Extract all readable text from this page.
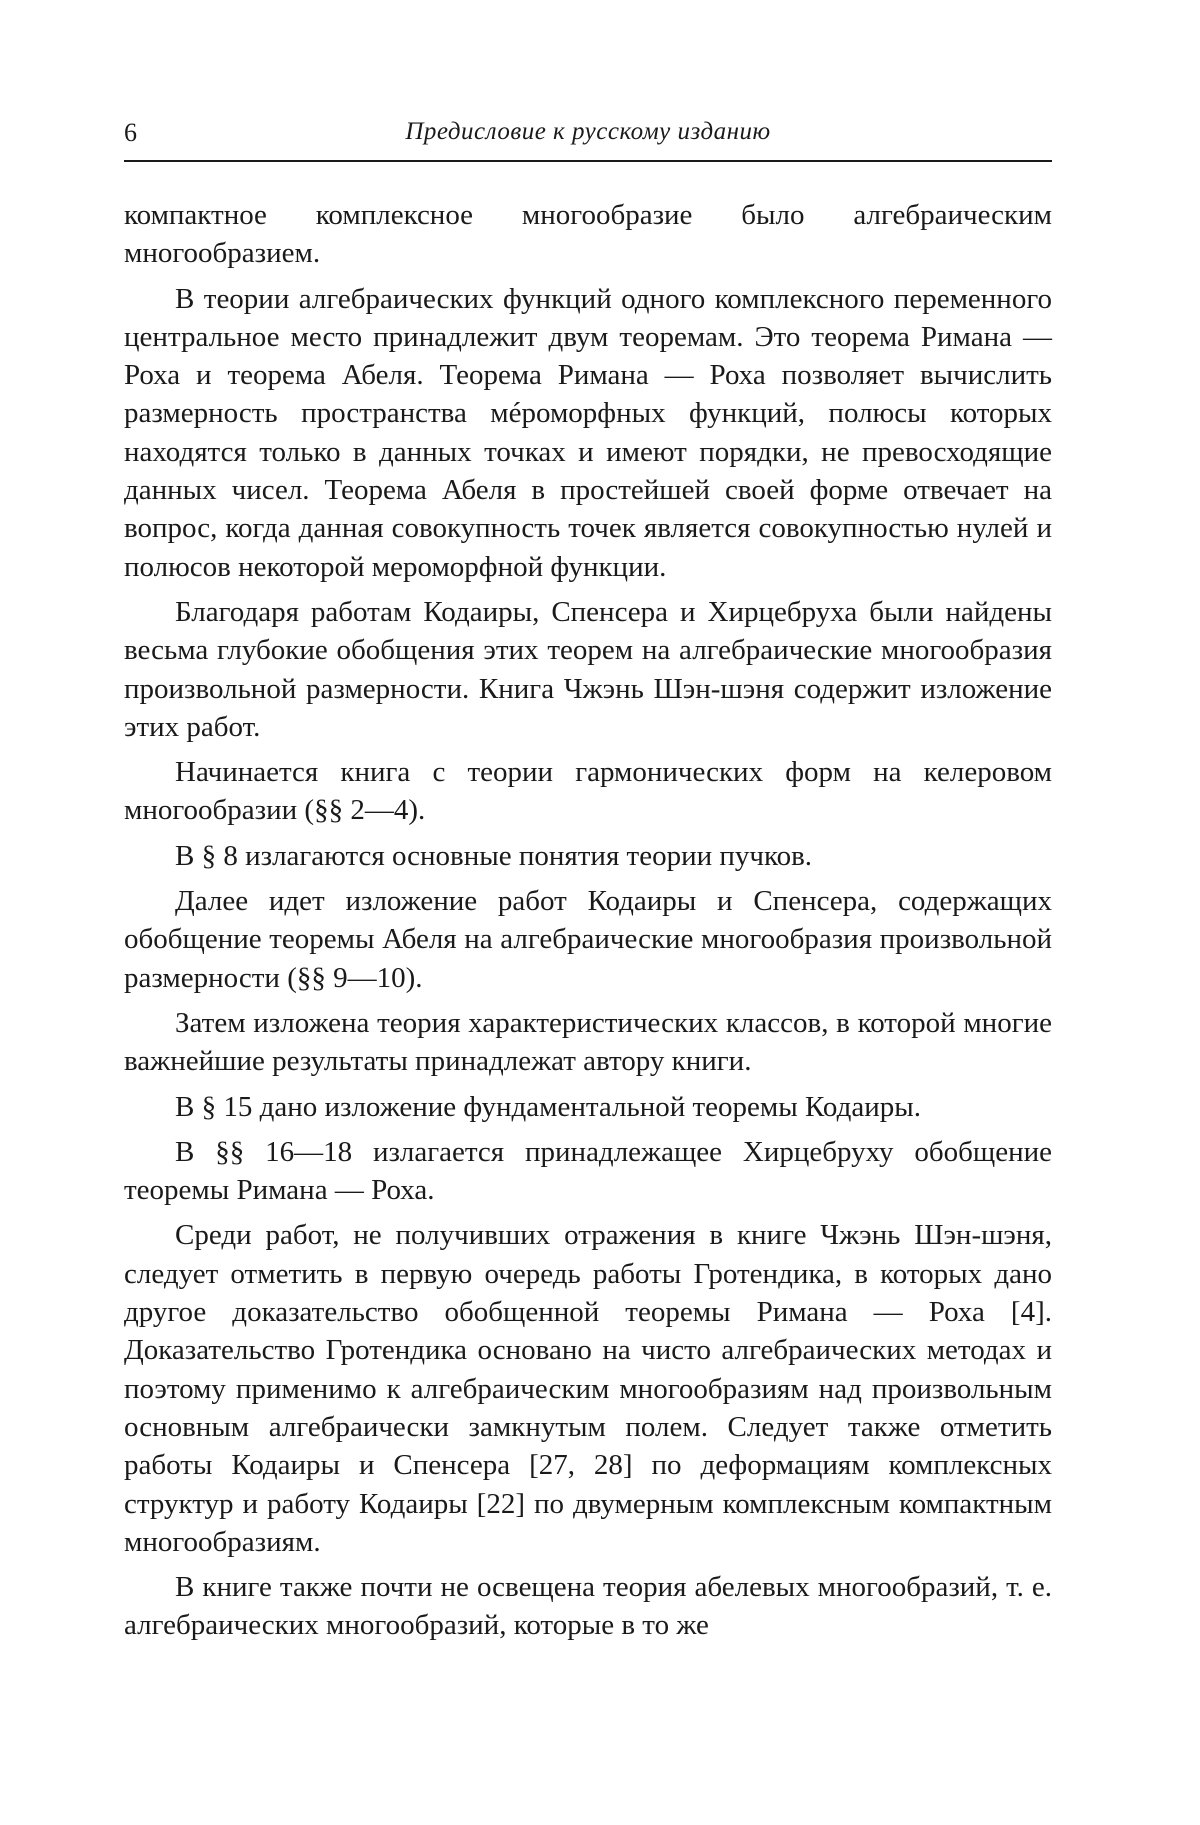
6	Предисловие к русскому изданию

компактное комплексное многообразие было алгебраическим многообразием.

В теории алгебраических функций одного комплексного переменного центральное место принадлежит двум теоремам. Это теорема Римана — Роха и теорема Абеля. Теорема Римана — Роха позволяет вычислить размерность пространства мéроморфных функций, полюсы которых находятся только в данных точках и имеют порядки, не превосходящие данных чисел. Теорема Абеля в простейшей своей форме отвечает на вопрос, когда данная совокупность точек является совокупностью нулей и полюсов некоторой мероморфной функции.

Благодаря работам Кодаиры, Спенсера и Хирцебруха были найдены весьма глубокие обобщения этих теорем на алгебраические многообразия произвольной размерности. Книга Чжэнь Шэн-шэня содержит изложение этих работ.

Начинается книга с теории гармонических форм на келеровом многообразии (§§ 2—4).

В § 8 излагаются основные понятия теории пучков.

Далее идет изложение работ Кодаиры и Спенсера, содержащих обобщение теоремы Абеля на алгебраические многообразия произвольной размерности (§§ 9—10).

Затем изложена теория характеристических классов, в которой многие важнейшие результаты принадлежат автору книги.

В § 15 дано изложение фундаментальной теоремы Кодаиры.

В §§ 16—18 излагается принадлежащее Хирцебруху обобщение теоремы Римана — Роха.

Среди работ, не получивших отражения в книге Чжэнь Шэн-шэня, следует отметить в первую очередь работы Гротендика, в которых дано другое доказательство обобщенной теоремы Римана — Роха [4]. Доказательство Гротендика основано на чисто алгебраических методах и поэтому применимо к алгебраическим многообразиям над произвольным основным алгебраически замкнутым полем. Следует также отметить работы Кодаиры и Спенсера [27, 28] по деформациям комплексных структур и работу Кодаиры [22] по двумерным комплексным компактным многообразиям.

В книге также почти не освещена теория абелевых многообразий, т. е. алгебраических многообразий, которые в то же
